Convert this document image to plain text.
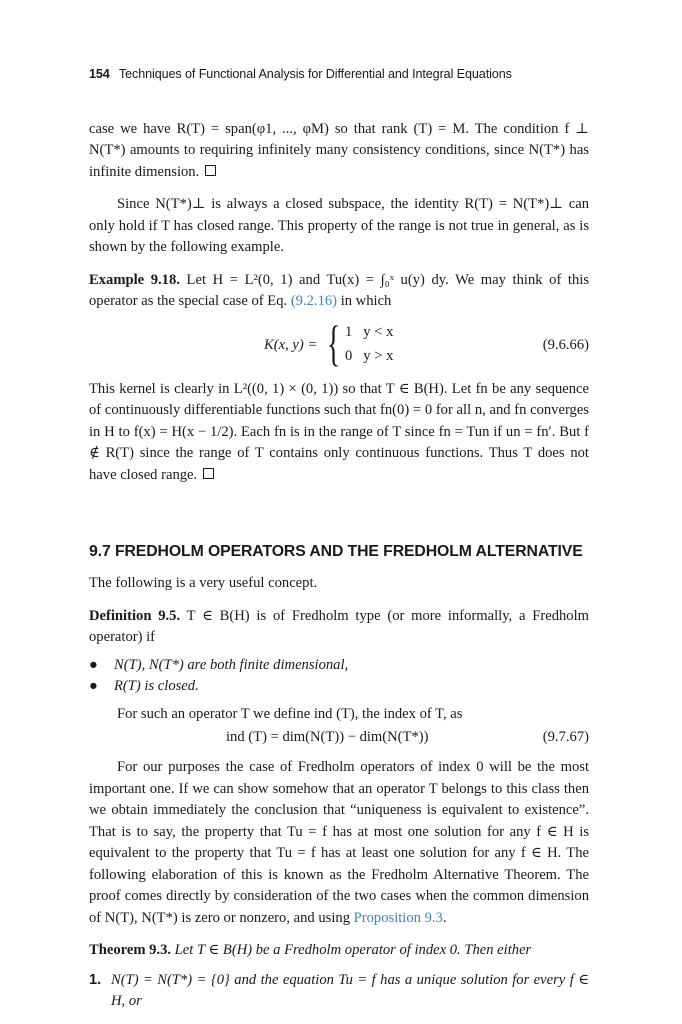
154 Techniques of Functional Analysis for Differential and Integral Equations

case we have R(T) = span(φ1, ..., φM) so that rank (T) = M. The condition f ⊥ N(T*) amounts to requiring infinitely many consistency conditions, since N(T*) has infinite dimension.

Since N(T*)⊥ is always a closed subspace, the identity R(T) = N(T*)⊥ can only hold if T has closed range. This property of the range is not true in general, as is shown by the following example.

Example 9.18. Let H = L²(0, 1) and Tu(x) = ∫₀ˣ u(y) dy. We may think of this operator as the special case of Eq. (9.2.16) in which

K(x, y) = { 1   y < x
0   y > x
(9.6.66)

This kernel is clearly in L²((0, 1) × (0, 1)) so that T ∈ B(H). Let fn be any sequence of continuously differentiable functions such that fn(0) = 0 for all n, and fn converges in H to f(x) = H(x − 1/2). Each fn is in the range of T since fn = Tun if un = fn′. But f ∉ R(T) since the range of T contains only continuous functions. Thus T does not have closed range.

9.7 FREDHOLM OPERATORS AND THE FREDHOLM ALTERNATIVE

The following is a very useful concept.

Definition 9.5. T ∈ B(H) is of Fredholm type (or more informally, a Fredholm operator) if

● N(T), N(T*) are both finite dimensional,
● R(T) is closed.

For such an operator T we define ind (T), the index of T, as

ind (T) = dim(N(T)) − dim(N(T*))	(9.7.67)

For our purposes the case of Fredholm operators of index 0 will be the most important one. If we can show somehow that an operator T belongs to this class then we obtain immediately the conclusion that “uniqueness is equivalent to existence”. That is to say, the property that Tu = f has at most one solution for any f ∈ H is equivalent to the property that Tu = f has at least one solution for any f ∈ H. The following elaboration of this is known as the Fredholm Alternative Theorem. The proof comes directly by consideration of the two cases when the common dimension of N(T), N(T*) is zero or nonzero, and using Proposition 9.3.

Theorem 9.3. Let T ∈ B(H) be a Fredholm operator of index 0. Then either

1. N(T) = N(T*) = {0} and the equation Tu = f has a unique solution for every f ∈ H, or
